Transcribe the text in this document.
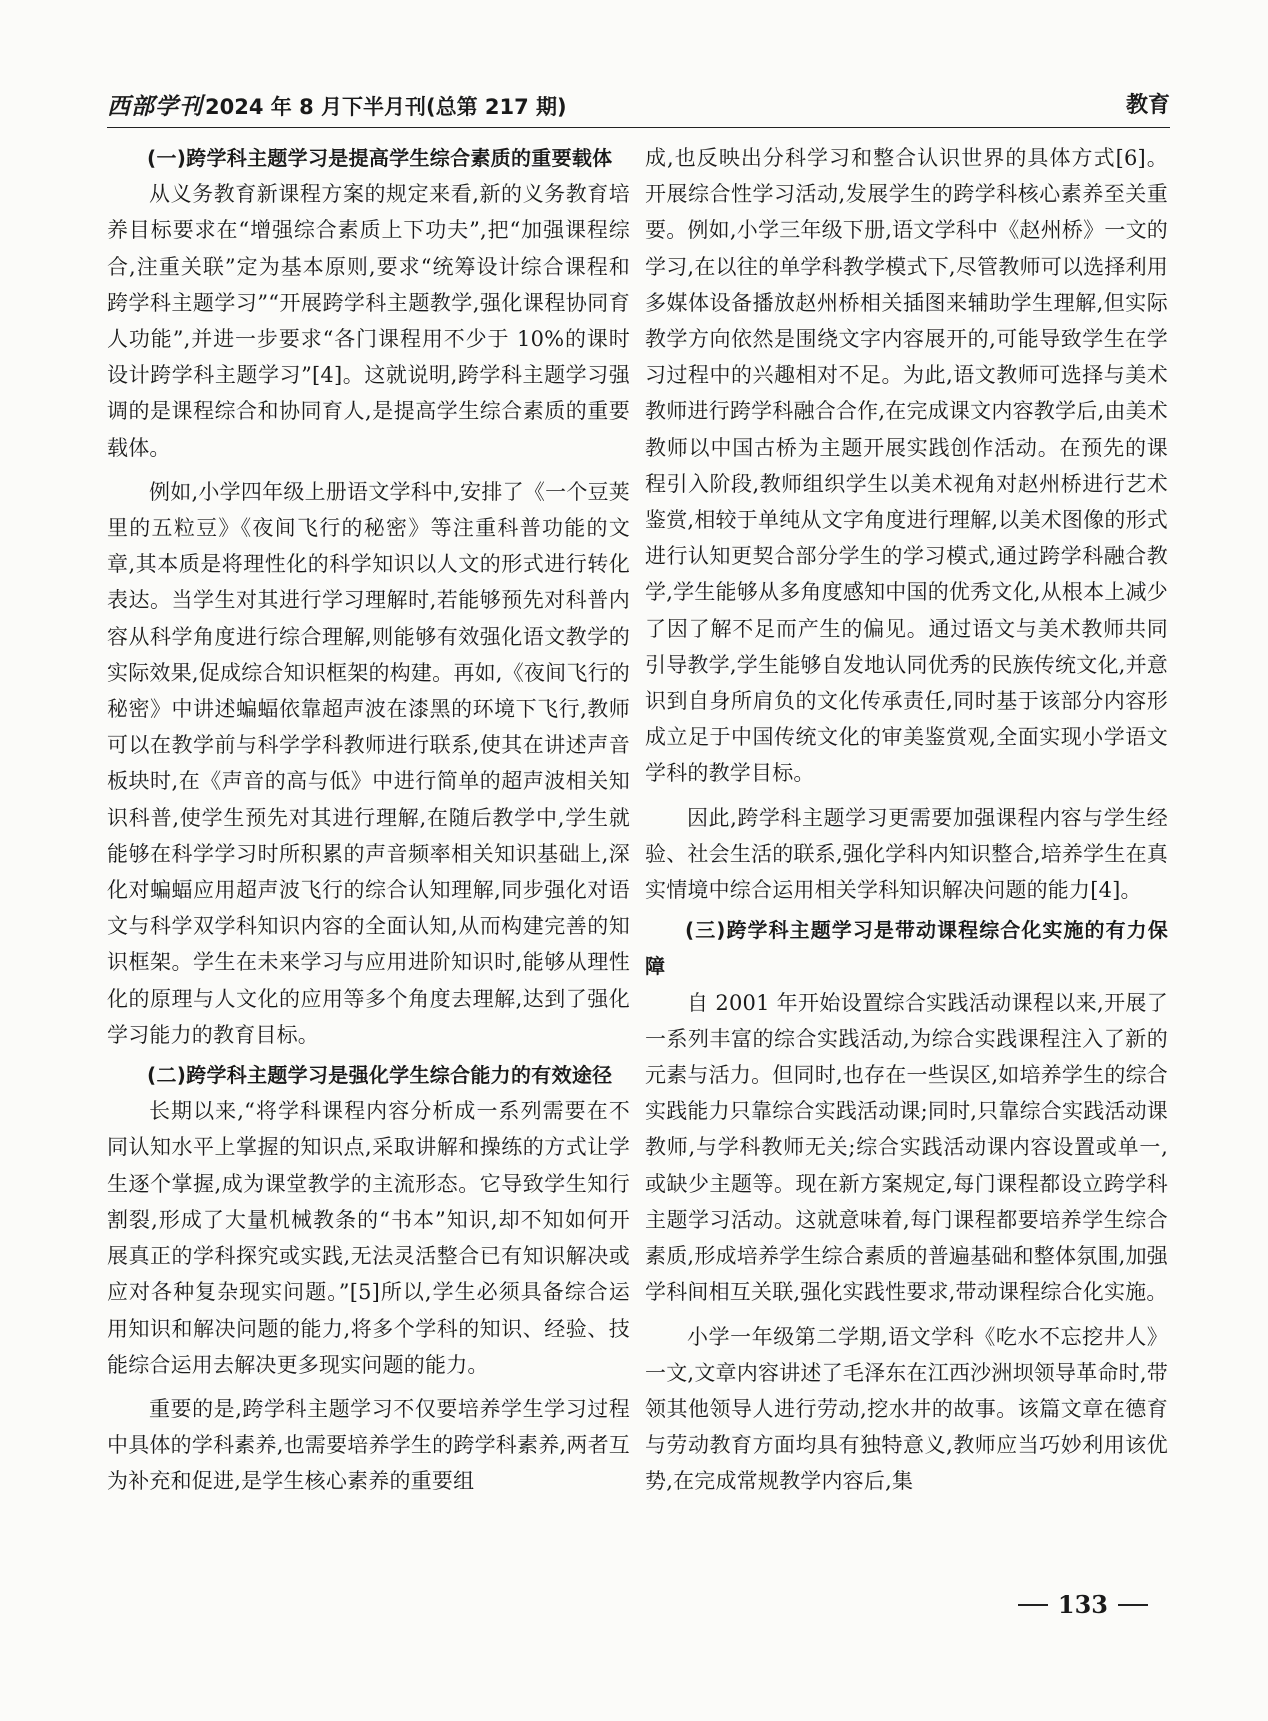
西部学刊 2024 年 8 月下半月刊(总第 217 期)	教育
(一)跨学科主题学习是提高学生综合素质的重要载体

从义务教育新课程方案的规定来看,新的义务教育培养目标要求在“增强综合素质上下功夫”,把“加强课程综合,注重关联”定为基本原则,要求“统筹设计综合课程和跨学科主题学习”“开展跨学科主题教学,强化课程协同育人功能”,并进一步要求“各门课程用不少于 10%的课时设计跨学科主题学习”[4]。这就说明,跨学科主题学习强调的是课程综合和协同育人,是提高学生综合素质的重要载体。

例如,小学四年级上册语文学科中,安排了《一个豆荚里的五粒豆》《夜间飞行的秘密》等注重科普功能的文章,其本质是将理性化的科学知识以人文的形式进行转化表达。当学生对其进行学习理解时,若能够预先对科普内容从科学角度进行综合理解,则能够有效强化语文教学的实际效果,促成综合知识框架的构建。再如,《夜间飞行的秘密》中讲述蝙蝠依靠超声波在漆黑的环境下飞行,教师可以在教学前与科学学科教师进行联系,使其在讲述声音板块时,在《声音的高与低》中进行简单的超声波相关知识科普,使学生预先对其进行理解,在随后教学中,学生就能够在科学学习时所积累的声音频率相关知识基础上,深化对蝙蝠应用超声波飞行的综合认知理解,同步强化对语文与科学双学科知识内容的全面认知,从而构建完善的知识框架。学生在未来学习与应用进阶知识时,能够从理性化的原理与人文化的应用等多个角度去理解,达到了强化学习能力的教育目标。

(二)跨学科主题学习是强化学生综合能力的有效途径

长期以来,“将学科课程内容分析成一系列需要在不同认知水平上掌握的知识点,采取讲解和操练的方式让学生逐个掌握,成为课堂教学的主流形态。它导致学生知行割裂,形成了大量机械教条的“书本”知识,却不知如何开展真正的学科探究或实践,无法灵活整合已有知识解决或应对各种复杂现实问题。”[5]所以,学生必须具备综合运用知识和解决问题的能力,将多个学科的知识、经验、技能综合运用去解决更多现实问题的能力。

重要的是,跨学科主题学习不仅要培养学生学习过程中具体的学科素养,也需要培养学生的跨学科素养,两者互为补充和促进,是学生核心素养的重要组

成,也反映出分科学习和整合认识世界的具体方式[6]。开展综合性学习活动,发展学生的跨学科核心素养至关重要。例如,小学三年级下册,语文学科中《赵州桥》一文的学习,在以往的单学科教学模式下,尽管教师可以选择利用多媒体设备播放赵州桥相关插图来辅助学生理解,但实际教学方向依然是围绕文字内容展开的,可能导致学生在学习过程中的兴趣相对不足。为此,语文教师可选择与美术教师进行跨学科融合合作,在完成课文内容教学后,由美术教师以中国古桥为主题开展实践创作活动。在预先的课程引入阶段,教师组织学生以美术视角对赵州桥进行艺术鉴赏,相较于单纯从文字角度进行理解,以美术图像的形式进行认知更契合部分学生的学习模式,通过跨学科融合教学,学生能够从多角度感知中国的优秀文化,从根本上减少了因了解不足而产生的偏见。通过语文与美术教师共同引导教学,学生能够自发地认同优秀的民族传统文化,并意识到自身所肩负的文化传承责任,同时基于该部分内容形成立足于中国传统文化的审美鉴赏观,全面实现小学语文学科的教学目标。

因此,跨学科主题学习更需要加强课程内容与学生经验、社会生活的联系,强化学科内知识整合,培养学生在真实情境中综合运用相关学科知识解决问题的能力[4]。

(三)跨学科主题学习是带动课程综合化实施的有力保障

自 2001 年开始设置综合实践活动课程以来,开展了一系列丰富的综合实践活动,为综合实践课程注入了新的元素与活力。但同时,也存在一些误区,如培养学生的综合实践能力只靠综合实践活动课;同时,只靠综合实践活动课教师,与学科教师无关;综合实践活动课内容设置或单一,或缺少主题等。现在新方案规定,每门课程都设立跨学科主题学习活动。这就意味着,每门课程都要培养学生综合素质,形成培养学生综合素质的普遍基础和整体氛围,加强学科间相互关联,强化实践性要求,带动课程综合化实施。

小学一年级第二学期,语文学科《吃水不忘挖井人》一文,文章内容讲述了毛泽东在江西沙洲坝领导革命时,带领其他领导人进行劳动,挖水井的故事。该篇文章在德育与劳动教育方面均具有独特意义,教师应当巧妙利用该优势,在完成常规教学内容后,集

133
